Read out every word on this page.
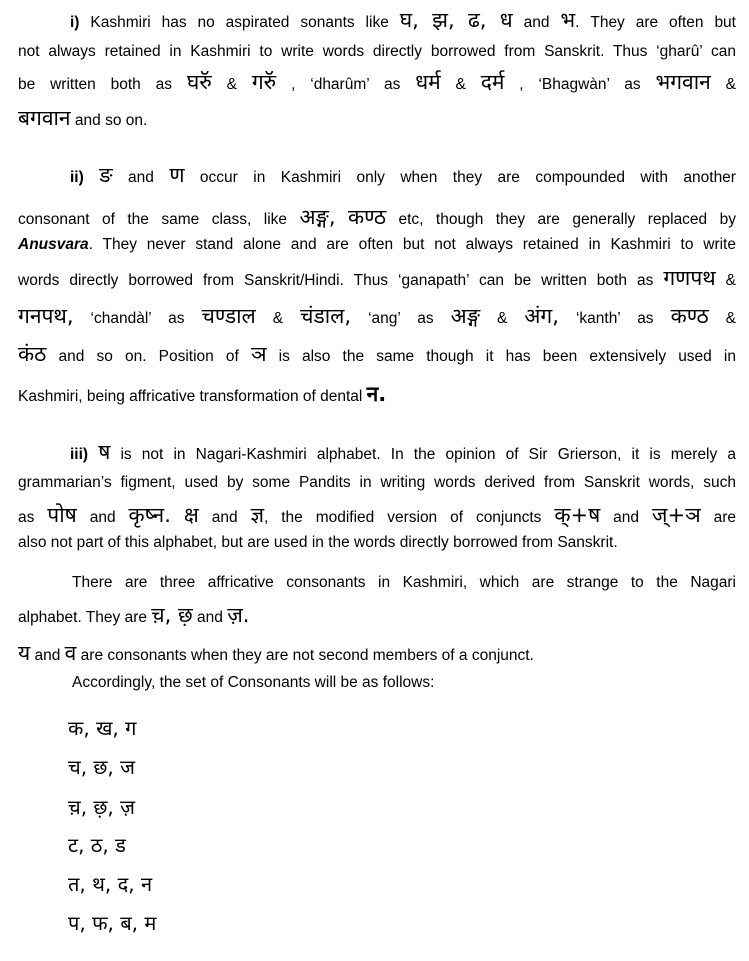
i) Kashmiri has no aspirated sonants like घ, झ, ढ, ध and भ. They are often but
not always retained in Kashmiri to write words directly borrowed from Sanskrit. Thus ‘gharû’ can
be written both as घरुॅ & गरुॅ , ‘dharûm’ as धर्म & दर्म , ‘Bhagwàn’ as भगवान &
बगवान and so on.
ii) ङ and ण occur in Kashmiri only when they are compounded with another
consonant of the same class, like अङ्ग, कण्ठ etc, though they are generally replaced by
Anusvara. They never stand alone and are often but not always retained in Kashmiri to write
words directly borrowed from Sanskrit/Hindi. Thus ‘ganapath’ can be written both as गणपथ &
गनपथ, ‘chandàl’ as चण्डाल & चंडाल, ‘ang’ as अङ्ग & अंग, ‘kanth’ as कण्ठ &
कंठ and so on. Position of ञ is also the same though it has been extensively used in
Kashmiri, being affricative transformation of dental न.
iii) ष is not in Nagari-Kashmiri alphabet. In the opinion of Sir Grierson, it is merely a
grammarian’s figment, used by some Pandits in writing words derived from Sanskrit words, such
as पोष and कृष्न. क्ष and ज्ञ, the modified version of conjuncts क्+ष and ज्+ञ are
also not part of this alphabet, but are used in the words directly borrowed from Sanskrit.
There are three affricative consonants in Kashmiri, which are strange to the Nagari
alphabet. They are च़, छ़ and ज़.
य and व are consonants when they are not second members of a conjunct.
Accordingly, the set of Consonants will be as follows:
क, ख, ग
च, छ, ज
च़, छ़, ज़
ट, ठ, ड
त, थ, द, न
प, फ, ब, म
